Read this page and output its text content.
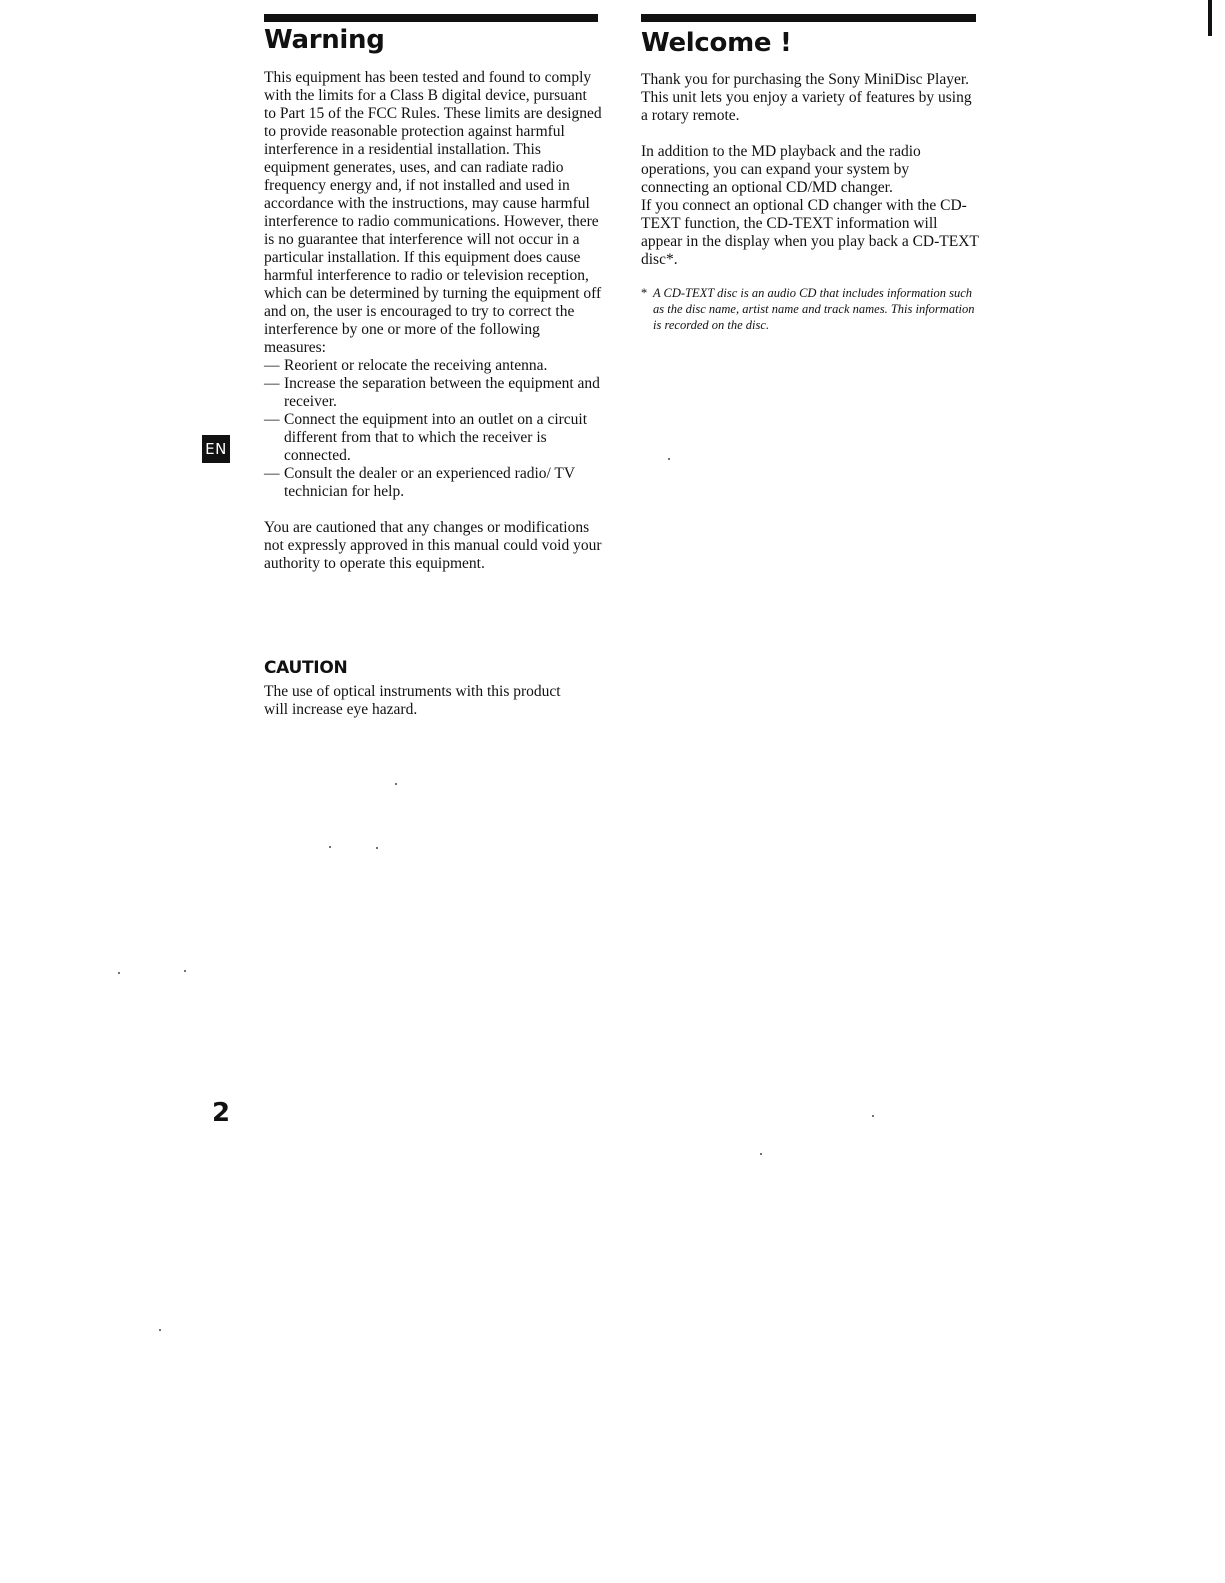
Warning

This equipment has been tested and found to comply with the limits for a Class B digital device, pursuant to Part 15 of the FCC Rules. These limits are designed to provide reasonable protection against harmful interference in a residential installation. This equipment generates, uses, and can radiate radio frequency energy and, if not installed and used in accordance with the instructions, may cause harmful interference to radio communications. However, there is no guarantee that interference will not occur in a particular installation. If this equipment does cause harmful interference to radio or television reception, which can be determined by turning the equipment off and on, the user is encouraged to try to correct the interference by one or more of the following measures:

— Reorient or relocate the receiving antenna.
— Increase the separation between the equipment and receiver.
— Connect the equipment into an outlet on a circuit different from that to which the receiver is connected.
— Consult the dealer or an experienced radio/ TV technician for help.

You are cautioned that any changes or modifications not expressly approved in this manual could void your authority to operate this equipment.

CAUTION

The use of optical instruments with this product will increase eye hazard.

EN
2
Welcome !

Thank you for purchasing the Sony MiniDisc Player. This unit lets you enjoy a variety of features by using a rotary remote.

In addition to the MD playback and the radio operations, you can expand your system by connecting an optional CD/MD changer.

If you connect an optional CD changer with the CD-TEXT function, the CD-TEXT information will appear in the display when you play back a CD-TEXT disc*.

* A CD-TEXT disc is an audio CD that includes information such as the disc name, artist name and track names. This information is recorded on the disc.
